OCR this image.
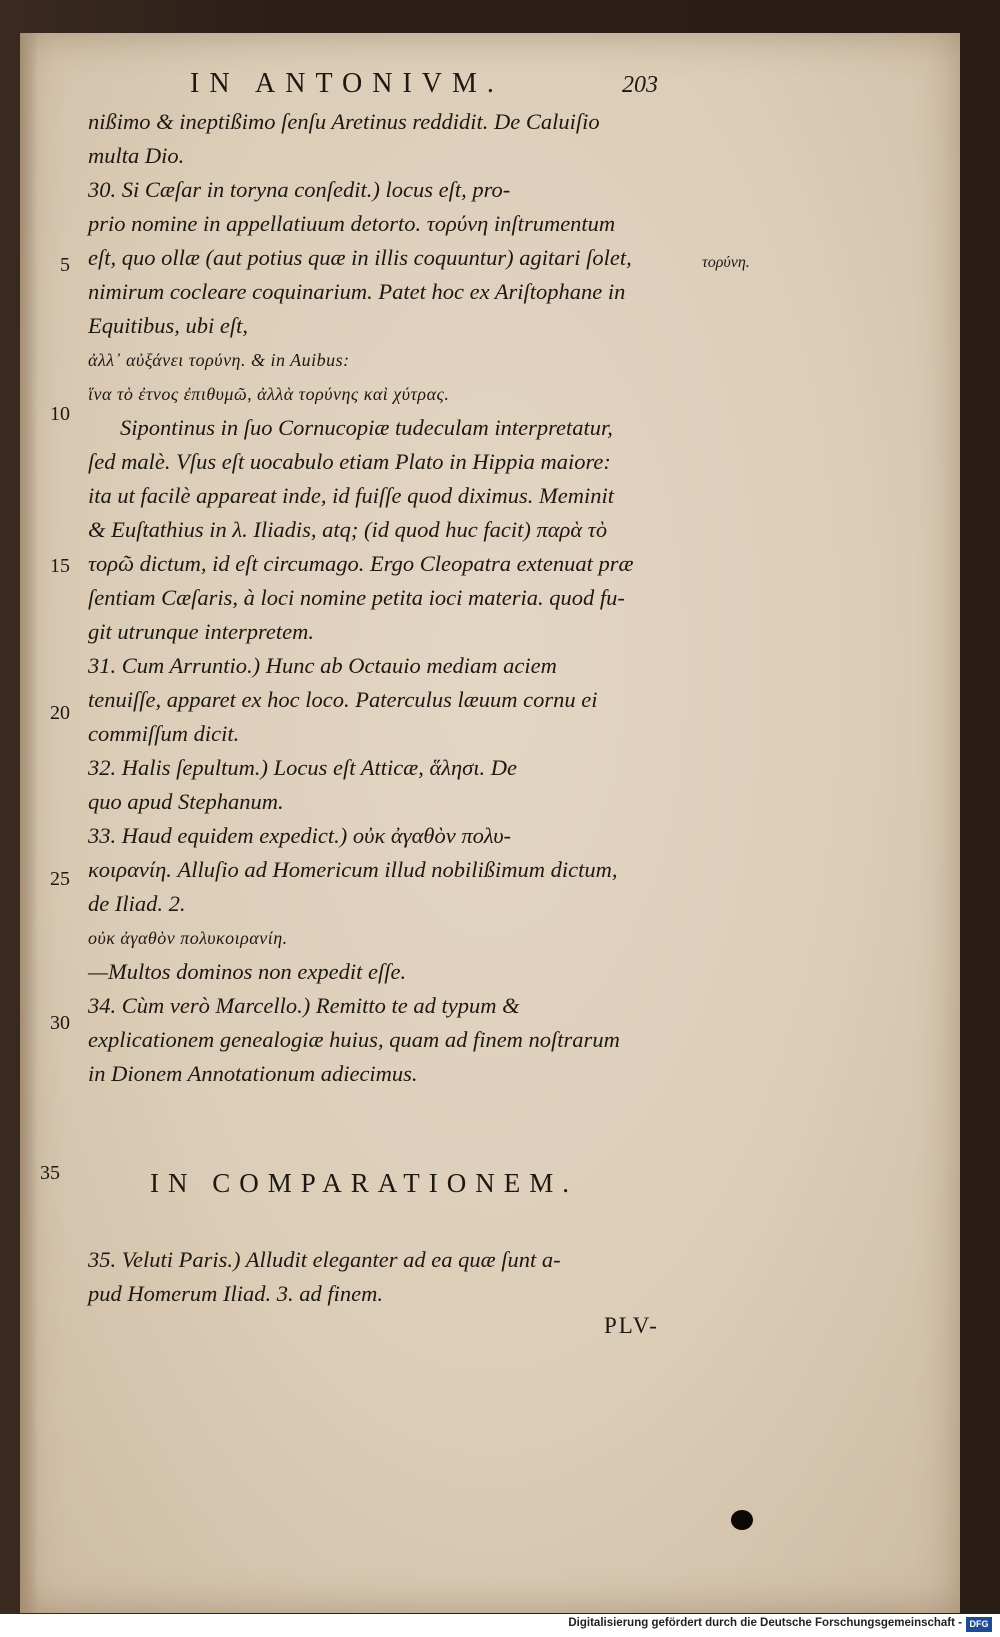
IN ANTONIVM.	203
τορύνη.
5
10
15
20
25
30
35
nißimo & ineptißimo ſenſu Aretinus reddidit. De Caluiſio
multa Dio.
30. Si Cæſar in toryna conſedit.) locus eſt, pro-
prio nomine in appellatiuum detorto. τορύνη inſtrumentum
eſt, quo ollæ (aut potius quæ in illis coquuntur) agitari ſolet,
nimirum cocleare coquinarium. Patet hoc ex Ariſtophane in
Equitibus, ubi eſt,
ἀλλ᾽ αὐξάνει τορύνη. & in Auibus:
ἵνα τὸ ἐτνος ἐπιθυμῶ, ἀλλὰ τορύνης καὶ χύτρας.
Sipontinus in ſuo Cornucopiæ tudeculam interpretatur,
ſed malè. Vſus eſt uocabulo etiam Plato in Hippia maiore:
ita ut facilè appareat inde, id fuiſſe quod diximus. Meminit
& Euſtathius in λ. Iliadis, atq; (id quod huc facit) παρὰ τὸ
τορῶ dictum, id eſt circumago. Ergo Cleopatra extenuat præ
ſentiam Cæſaris, à loci nomine petita ioci materia. quod fu-
git utrunque interpretem.
31. Cum Arruntio.) Hunc ab Octauio mediam aciem
tenuiſſe, apparet ex hoc loco. Paterculus læuum cornu ei
commiſſum dicit.
32. Halis ſepultum.) Locus eſt Atticæ, ἅλησι. De
quo apud Stephanum.
33. Haud equidem expedict.) οὐκ ἀγαθὸν πολυ-
κοιρανίη. Alluſio ad Homericum illud nobilißimum dictum,
de Iliad. 2.
οὐκ ἀγαθὸν πολυκοιρανίη.
—Multos dominos non expedit eſſe.
34. Cùm verò Marcello.) Remitto te ad typum &
explicationem genealogiæ huius, quam ad finem noſtrarum
in Dionem Annotationum adiecimus.
IN COMPARATIONEM.
35. Veluti Paris.) Alludit eleganter ad ea quæ ſunt a-
pud Homerum Iliad. 3. ad finem.
PLV-
Digitalisierung gefördert durch die Deutsche Forschungsgemeinschaft - DFG
